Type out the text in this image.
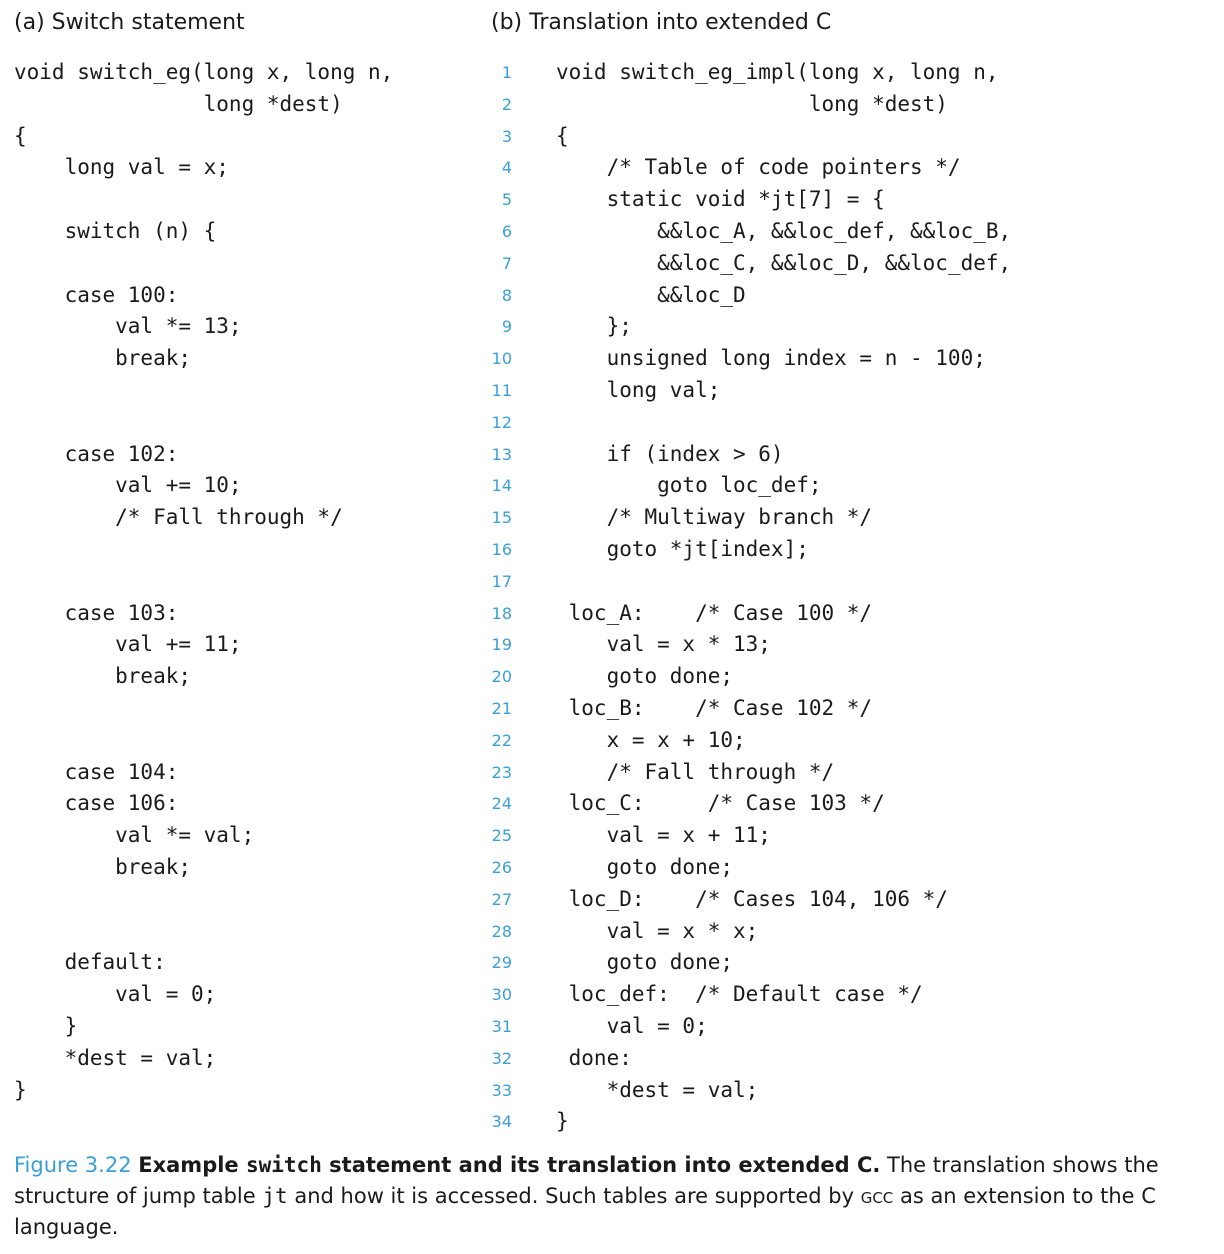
(a) Switch statement
void switch_eg(long x, long n,
long *dest)
{
long val = x;

switch (n) {

case 100:
val *= 13;
break;

case 102:
val += 10;
/* Fall through */

case 103:
val += 11;
break;

case 104:
case 106:
val *= val;
break;

default:
val = 0;
}
*dest = val;
}
(b) Translation into extended C
1
2
3
4
5
6
7
8
9
10
11
12
13
14
15
16
17
18
19
20
21
22
23
24
25
26
27
28
29
30
31
32
33
34
void switch_eg_impl(long x, long n,
long *dest)
{
/* Table of code pointers */
static void *jt[7] = {
&&loc_A, &&loc_def, &&loc_B,
&&loc_C, &&loc_D, &&loc_def,
&&loc_D
};
unsigned long index = n - 100;
long val;

if (index > 6)
goto loc_def;
/* Multiway branch */
goto *jt[index];

loc_A:    /* Case 100 */
val = x * 13;
goto done;
loc_B:    /* Case 102 */
x = x + 10;
/* Fall through */
loc_C:     /* Case 103 */
val = x + 11;
goto done;
loc_D:    /* Cases 104, 106 */
val = x * x;
goto done;
loc_def:  /* Default case */
val = 0;
done:
*dest = val;
}
Figure 3.22 Example switch statement and its translation into extended C. The translation shows the structure of jump table jt and how it is accessed. Such tables are supported by gcc as an extension to the C language.
